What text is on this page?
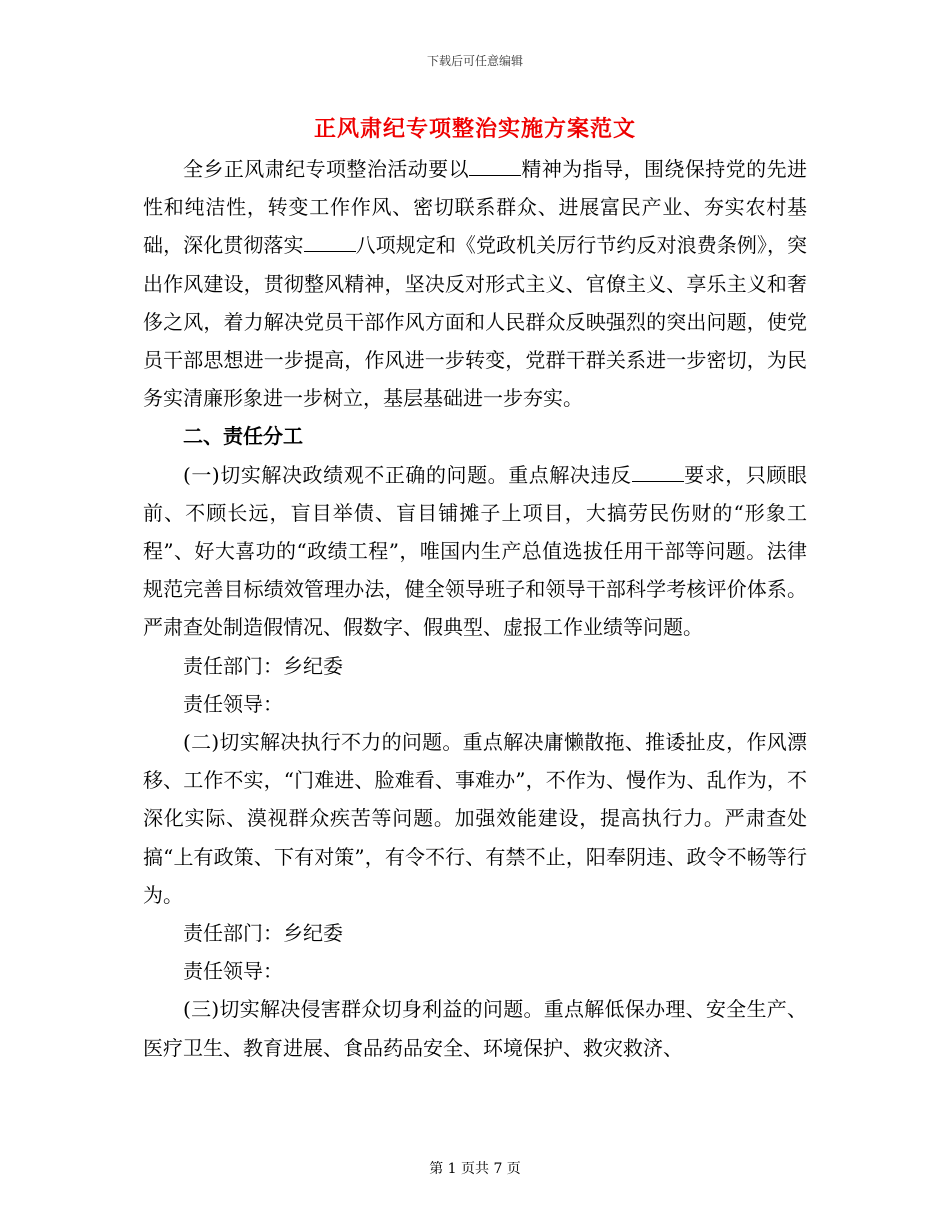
下载后可任意编辑
正风肃纪专项整治实施方案范文

全乡正风肃纪专项整治活动要以	精神为指导，围绕保持党的先进性和纯洁性，转变工作作风、密切联系群众、进展富民产业、夯实农村基础，深化贯彻落实	八项规定和《党政机关厉行节约反对浪费条例》，突出作风建设，贯彻整风精神，坚决反对形式主义、官僚主义、享乐主义和奢侈之风，着力解决党员干部作风方面和人民群众反映强烈的突出问题，使党员干部思想进一步提高，作风进一步转变，党群干群关系进一步密切，为民务实清廉形象进一步树立，基层基础进一步夯实。

二、责任分工

(一)切实解决政绩观不正确的问题。重点解决违反	要求，只顾眼前、不顾长远，盲目举债、盲目铺摊子上项目，大搞劳民伤财的“形象工程”、好大喜功的“政绩工程”，唯国内生产总值选拔任用干部等问题。法律规范完善目标绩效管理办法，健全领导班子和领导干部科学考核评价体系。严肃查处制造假情况、假数字、假典型、虚报工作业绩等问题。

责任部门：乡纪委

责任领导：

(二)切实解决执行不力的问题。重点解决庸懒散拖、推诿扯皮，作风漂移、工作不实，“门难进、脸难看、事难办”，不作为、慢作为、乱作为，不深化实际、漠视群众疾苦等问题。加强效能建设，提高执行力。严肃查处搞“上有政策、下有对策”，有令不行、有禁不止，阳奉阴违、政令不畅等行为。

责任部门：乡纪委

责任领导：

(三)切实解决侵害群众切身利益的问题。重点解低保办理、安全生产、医疗卫生、教育进展、食品药品安全、环境保护、救灾救济、

第 1 页共 7 页
